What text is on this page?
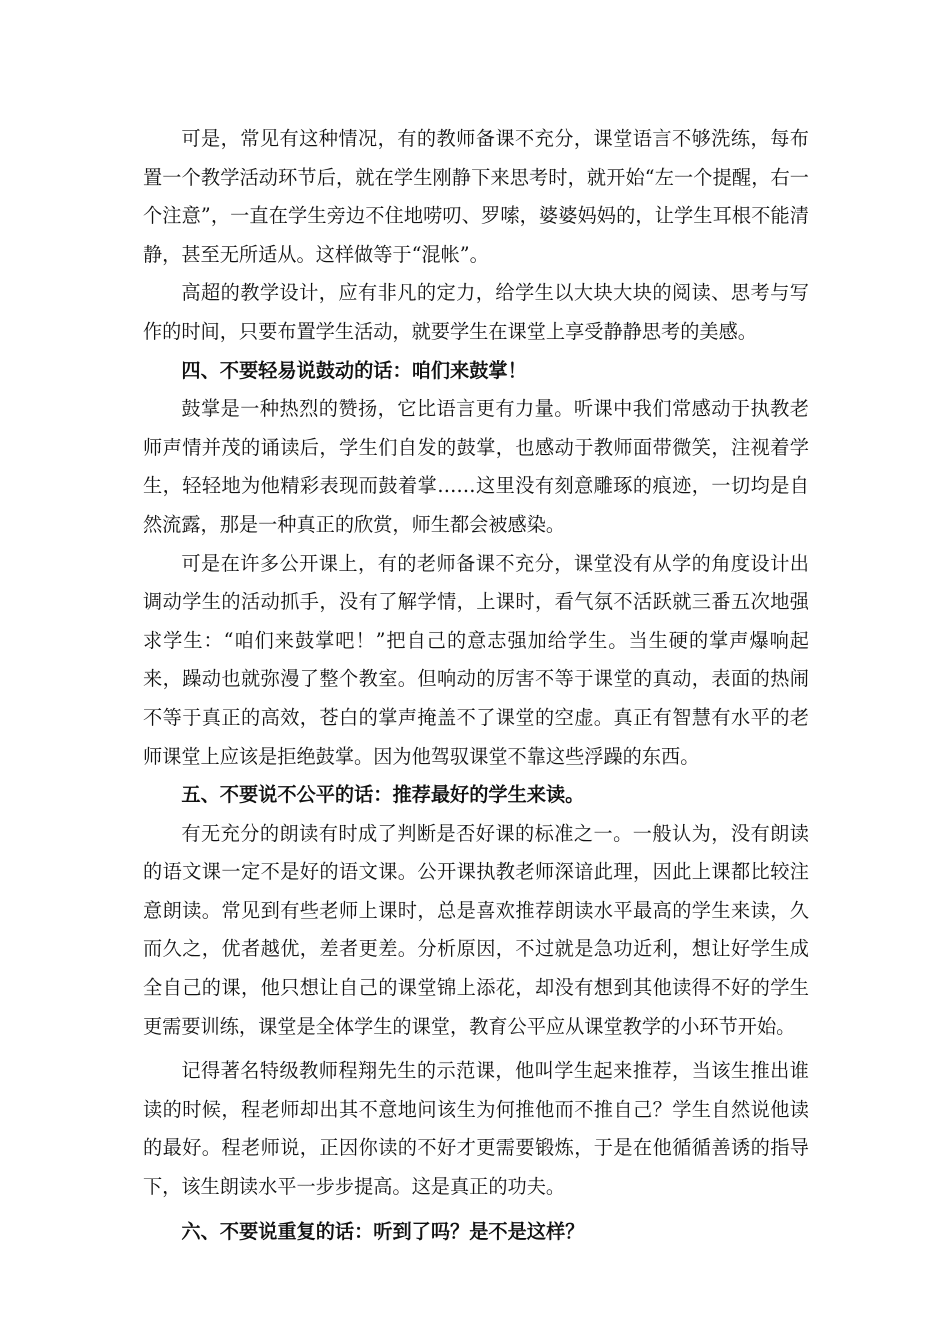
可是，常见有这种情况，有的教师备课不充分，课堂语言不够洗练，每布置一个教学活动环节后，就在学生刚静下来思考时，就开始“左一个提醒，右一个注意”，一直在学生旁边不住地唠叨、罗嗦，婆婆妈妈的，让学生耳根不能清静，甚至无所适从。这样做等于“混帐”。

高超的教学设计，应有非凡的定力，给学生以大块大块的阅读、思考与写作的时间，只要布置学生活动，就要学生在课堂上享受静静思考的美感。

四、不要轻易说鼓动的话：咱们来鼓掌！

鼓掌是一种热烈的赞扬，它比语言更有力量。听课中我们常感动于执教老师声情并茂的诵读后，学生们自发的鼓掌，也感动于教师面带微笑，注视着学生，轻轻地为他精彩表现而鼓着掌……这里没有刻意雕琢的痕迹，一切均是自然流露，那是一种真正的欣赏，师生都会被感染。

可是在许多公开课上，有的老师备课不充分，课堂没有从学的角度设计出调动学生的活动抓手，没有了解学情，上课时，看气氛不活跃就三番五次地强求学生：“咱们来鼓掌吧！”把自己的意志强加给学生。当生硬的掌声爆响起来，躁动也就弥漫了整个教室。但响动的厉害不等于课堂的真动，表面的热闹不等于真正的高效，苍白的掌声掩盖不了课堂的空虚。真正有智慧有水平的老师课堂上应该是拒绝鼓掌。因为他驾驭课堂不靠这些浮躁的东西。

五、不要说不公平的话：推荐最好的学生来读。

有无充分的朗读有时成了判断是否好课的标准之一。一般认为，没有朗读的语文课一定不是好的语文课。公开课执教老师深谙此理，因此上课都比较注意朗读。常见到有些老师上课时，总是喜欢推荐朗读水平最高的学生来读，久而久之，优者越优，差者更差。分析原因，不过就是急功近利，想让好学生成全自己的课，他只想让自己的课堂锦上添花，却没有想到其他读得不好的学生更需要训练，课堂是全体学生的课堂，教育公平应从课堂教学的小环节开始。

记得著名特级教师程翔先生的示范课，他叫学生起来推荐，当该生推出谁读的时候，程老师却出其不意地问该生为何推他而不推自己？学生自然说他读的最好。程老师说，正因你读的不好才更需要锻炼，于是在他循循善诱的指导下，该生朗读水平一步步提高。这是真正的功夫。

六、不要说重复的话：听到了吗？是不是这样？
